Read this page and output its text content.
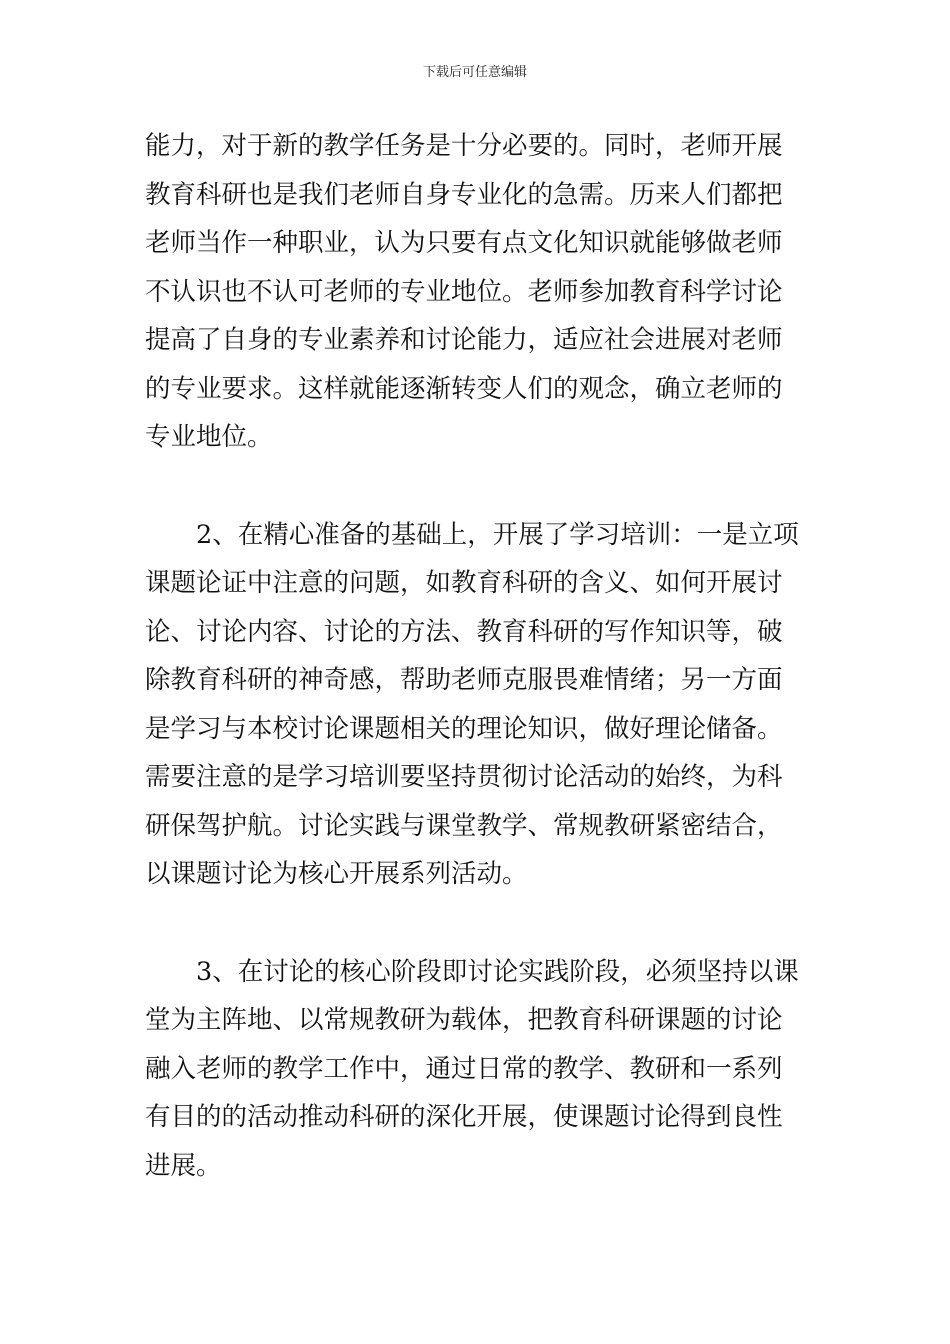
下载后可任意编辑

能力，对于新的教学任务是十分必要的。同时，老师开展
教育科研也是我们老师自身专业化的急需。历来人们都把
老师当作一种职业，认为只要有点文化知识就能够做老师
不认识也不认可老师的专业地位。老师参加教育科学讨论
提高了自身的专业素养和讨论能力，适应社会进展对老师
的专业要求。这样就能逐渐转变人们的观念，确立老师的
专业地位。

　　2、在精心准备的基础上，开展了学习培训：一是立项
课题论证中注意的问题，如教育科研的含义、如何开展讨
论、讨论内容、讨论的方法、教育科研的写作知识等，破
除教育科研的神奇感，帮助老师克服畏难情绪；另一方面
是学习与本校讨论课题相关的理论知识，做好理论储备。
需要注意的是学习培训要坚持贯彻讨论活动的始终，为科
研保驾护航。讨论实践与课堂教学、常规教研紧密结合，
以课题讨论为核心开展系列活动。

　　3、在讨论的核心阶段即讨论实践阶段，必须坚持以课
堂为主阵地、以常规教研为载体，把教育科研课题的讨论
融入老师的教学工作中，通过日常的教学、教研和一系列
有目的的活动推动科研的深化开展，使课题讨论得到良性
进展。
